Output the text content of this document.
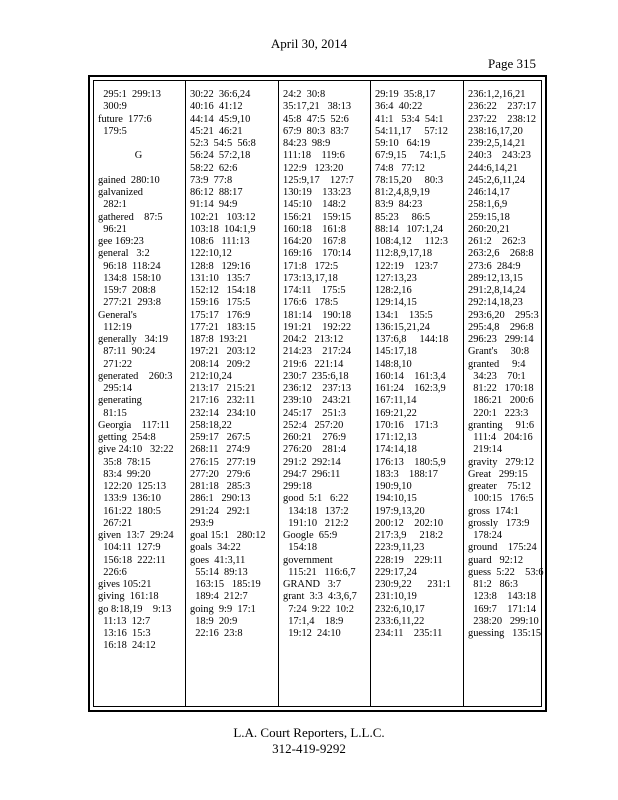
April 30, 2014
Page 315
295:1  299:13
300:9
future  177:6
179:5
G
gained  280:10
galvanized
282:1
gathered    87:5
96:21
gee 169:23
general   3:2
96:18  118:24
134:8  158:10
159:7  208:8
277:21  293:8
General's
112:19
generally   34:19
87:11  90:24
271:22
generated    260:3
295:14
generating
81:15
Georgia    117:11
getting  254:8
give 24:10   32:22
35:8  78:15
83:4  99:20
122:20  125:13
133:9  136:10
161:22  180:5
267:21
given  13:7  29:24
104:11  127:9
156:18  222:11
226:6
gives 105:21
giving  161:18
go 8:18,19    9:13
11:13  12:7
13:16  15:3
16:18  24:12
30:22  36:6,24
40:16  41:12
44:14  45:9,10
45:21  46:21
52:3  54:5  56:8
56:24  57:2,18
58:22  62:6
73:9  77:8
86:12  88:17
91:14  94:9
102:21   103:12
103:18  104:1,9
108:6   111:13
122:10,12
128:8   129:16
131:10   135:7
152:12   154:18
159:16   175:5
175:17   176:9
177:21   183:15
187:8  193:21
197:21   203:12
208:14   209:2
212:10,24
213:17   215:21
217:16   232:11
232:14   234:10
258:18,22
259:17   267:5
268:11   274:9
276:15   277:19
277:20   279:6
281:18   285:3
286:1   290:13
291:24   292:1
293:9
goal 15:1   280:12
goals  34:22
goes  41:3,11
55:14  89:13
163:15   185:19
189:4  212:7
going  9:9  17:1
18:9  20:9
22:16  23:8
24:2  30:8
35:17,21   38:13
45:8  47:5  52:6
67:9  80:3  83:7
84:23  98:9
111:18    119:6
122:9   123:20
125:9,17    127:7
130:19    133:23
145:10    148:2
156:21    159:15
160:18    161:8
164:20    167:8
169:16    170:14
171:8   172:5
173:13,17,18
174:11    175:5
176:6   178:5
181:14    190:18
191:21    192:22
204:2   213:12
214:23    217:24
219:6   221:14
230:7  235:6,18
236:12    237:13
239:10    243:21
245:17    251:3
252:4   257:20
260:21    276:9
276:20    281:4
291:2  292:14
294:7  296:11
299:18
good  5:1   6:22
134:18   137:2
191:10   212:2
Google  65:9
154:18
government
115:21   116:6,7
GRAND   3:7
grant  3:3  4:3,6,7
7:24  9:22  10:2
17:1,4    18:9
19:12  24:10
29:19  35:8,17
36:4  40:22
41:1   53:4  54:1
54:11,17     57:12
59:10   64:19
67:9,15     74:1,5
74:8   77:12
78:15,20     80:3
81:2,4,8,9,19
83:9  84:23
85:23     86:5
88:14   107:1,24
108:4,12     112:3
112:8,9,17,18
122:19    123:7
127:13,23
128:2,16
129:14,15
134:1    135:5
136:15,21,24
137:6,8     144:18
145:17,18
148:8,10
160:14    161:3,4
161:24    162:3,9
167:11,14
169:21,22
170:16    171:3
171:12,13
174:14,18
176:13    180:5,9
183:3    188:17
190:9,10
194:10,15
197:9,13,20
200:12    202:10
217:3,9     218:2
223:9,11,23
228:19    229:11
229:17,24
230:9,22      231:1
231:10,19
232:6,10,17
233:6,11,22
234:11    235:11
236:1,2,16,21
236:22    237:17
237:22    238:12
238:16,17,20
239:2,5,14,21
240:3    243:23
244:6,14,21
245:2,6,11,24
246:14,17
258:1,6,9
259:15,18
260:20,21
261:2    262:3
263:2,6    268:8
273:6  284:9
289:12,13,15
291:2,8,14,24
292:14,18,23
293:6,20    295:3
295:4,8    296:8
296:23   299:14
Grant's     30:8
granted     9:4
34:23    70:1
81:22   170:18
186:21   200:6
220:1   223:3
granting     91:6
111:4   204:16
219:14
gravity   279:12
Great   299:15
greater    75:12
100:15   176:5
gross  174:1
grossly   173:9
178:24
ground    175:24
guard   92:12
guess  5:22    53:6
81:2   86:3
123:8    143:18
169:7    171:14
238:20   299:10
guessing   135:15
L.A. Court Reporters, L.L.C.
312-419-9292
